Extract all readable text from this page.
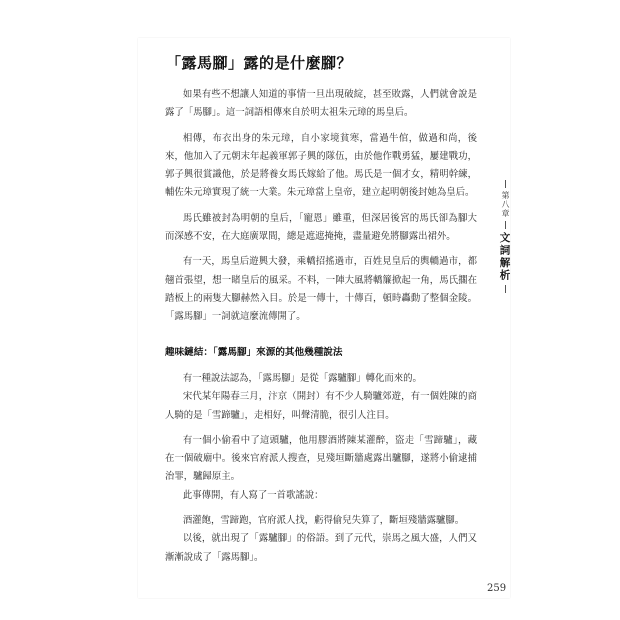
「露馬腳」露的是什麼腳？

如果有些不想讓人知道的事情一旦出現破綻，甚至敗露，人們就會說是露了「馬腳」。這一詞語相傳來自於明太祖朱元璋的馬皇后。

相傳，布衣出身的朱元璋，自小家境貧寒，當過牛倌，做過和尚，後來，他加入了元朝末年起義軍郭子興的隊伍，由於他作戰勇猛，屢建戰功，郭子興很賞識他，於是將養女馬氏嫁給了他。馬氏是一個才女，精明幹練，輔佐朱元璋實現了統一大業。朱元璋當上皇帝，建立起明朝後封她為皇后。

馬氏雖被封為明朝的皇后，「寵恩」雖重，但深居後宮的馬氏卻為腳大而深感不安，在大庭廣眾間，總是遮遮掩掩，盡量避免將腳露出裙外。

有一天，馬皇后遊興大發，乘轎招搖過市，百姓見皇后的輿轎過市，都翹首張望，想一睹皇后的風采。不料，一陣大風將轎簾掀起一角，馬氏擱在踏板上的兩隻大腳赫然入目。於是一傳十，十傳百，頓時轟動了整個金陵。「露馬腳」一詞就這麼流傳開了。

趣味鏈結：「露馬腳」來源的其他幾種說法

有一種說法認為，「露馬腳」是從「露驢腳」轉化而來的。

宋代某年陽春三月，汴京（開封）有不少人騎驢郊遊，有一個姓陳的商人騎的是「雪蹄驢」，走相好，叫聲清脆，很引人注目。

有一個小偷看中了這頭驢，他用膠酒將陳某灌醉，盜走「雪蹄驢」，藏在一個破廟中。後來官府派人搜查，見殘垣斷牆處露出驢腳，遂將小偷逮捕治罪，驢歸原主。

此事傳開，有人寫了一首歌謠說：

酒灌飽，雪蹄跑，官府派人找，虧得偷兒失算了，斷垣殘牆露驢腳。

以後，就出現了「露驢腳」的俗語。到了元代，崇馬之風大盛，人們又漸漸說成了「露馬腳」。

第八章
文詞解析
259
